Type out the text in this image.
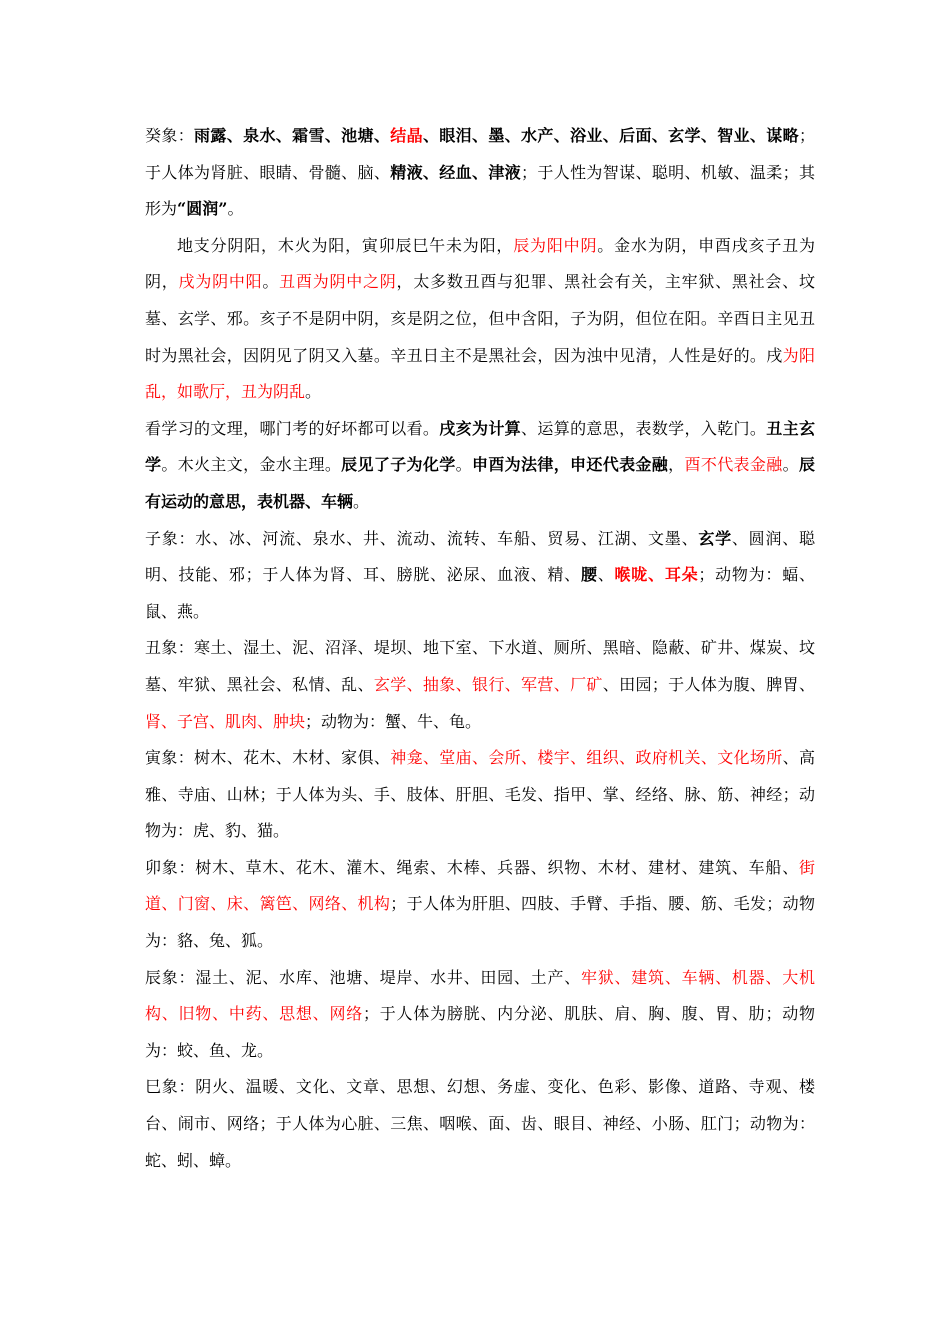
癸象：雨露、泉水、霜雪、池塘、结晶、眼泪、墨、水产、浴业、后面、玄学、智业、谋略；于人体为肾脏、眼睛、骨髓、脑、精液、经血、津液；于人性为智谋、聪明、机敏、温柔；其形为“圆润”。

地支分阴阳，木火为阳，寅卯辰巳午未为阳，辰为阳中阴。金水为阴，申酉戌亥子丑为阴，戌为阴中阳。丑酉为阴中之阴，太多数丑酉与犯罪、黑社会有关，主牢狱、黑社会、坟墓、玄学、邪。亥子不是阴中阴，亥是阴之位，但中含阳，子为阴，但位在阳。辛酉日主见丑时为黑社会，因阴见了阴又入墓。辛丑日主不是黑社会，因为浊中见清，人性是好的。戌为阳乱，如歌厅，丑为阴乱。

看学习的文理，哪门考的好坏都可以看。戌亥为计算、运算的意思，表数学，入乾门。丑主玄学。木火主文，金水主理。辰见了子为化学。申酉为法律，申还代表金融，酉不代表金融。辰有运动的意思，表机器、车辆。

子象：水、冰、河流、泉水、井、流动、流转、车船、贸易、江湖、文墨、玄学、圆润、聪明、技能、邪；于人体为肾、耳、膀胱、泌尿、血液、精、腰、喉咙、耳朵；动物为：蝠、鼠、燕。

丑象：寒土、湿土、泥、沼泽、堤坝、地下室、下水道、厕所、黑暗、隐蔽、矿井、煤炭、坟墓、牢狱、黑社会、私情、乱、玄学、抽象、银行、军营、厂矿、田园；于人体为腹、脾胃、肾、子宫、肌肉、肿块；动物为：蟹、牛、龟。

寅象：树木、花木、木材、家俱、神龛、堂庙、会所、楼宇、组织、政府机关、文化场所、高雅、寺庙、山林；于人体为头、手、肢体、肝胆、毛发、指甲、掌、经络、脉、筋、神经；动物为：虎、豹、猫。

卯象：树木、草木、花木、灌木、绳索、木棒、兵器、织物、木材、建材、建筑、车船、街道、门窗、床、篱笆、网络、机构；于人体为肝胆、四肢、手臂、手指、腰、筋、毛发；动物为：貉、兔、狐。

辰象：湿土、泥、水库、池塘、堤岸、水井、田园、土产、牢狱、建筑、车辆、机器、大机构、旧物、中药、思想、网络；于人体为膀胱、内分泌、肌肤、肩、胸、腹、胃、肋；动物为：蛟、鱼、龙。

巳象：阴火、温暖、文化、文章、思想、幻想、务虚、变化、色彩、影像、道路、寺观、楼台、闹市、网络；于人体为心脏、三焦、咽喉、面、齿、眼目、神经、小肠、肛门；动物为：蛇、蚓、蟑。
